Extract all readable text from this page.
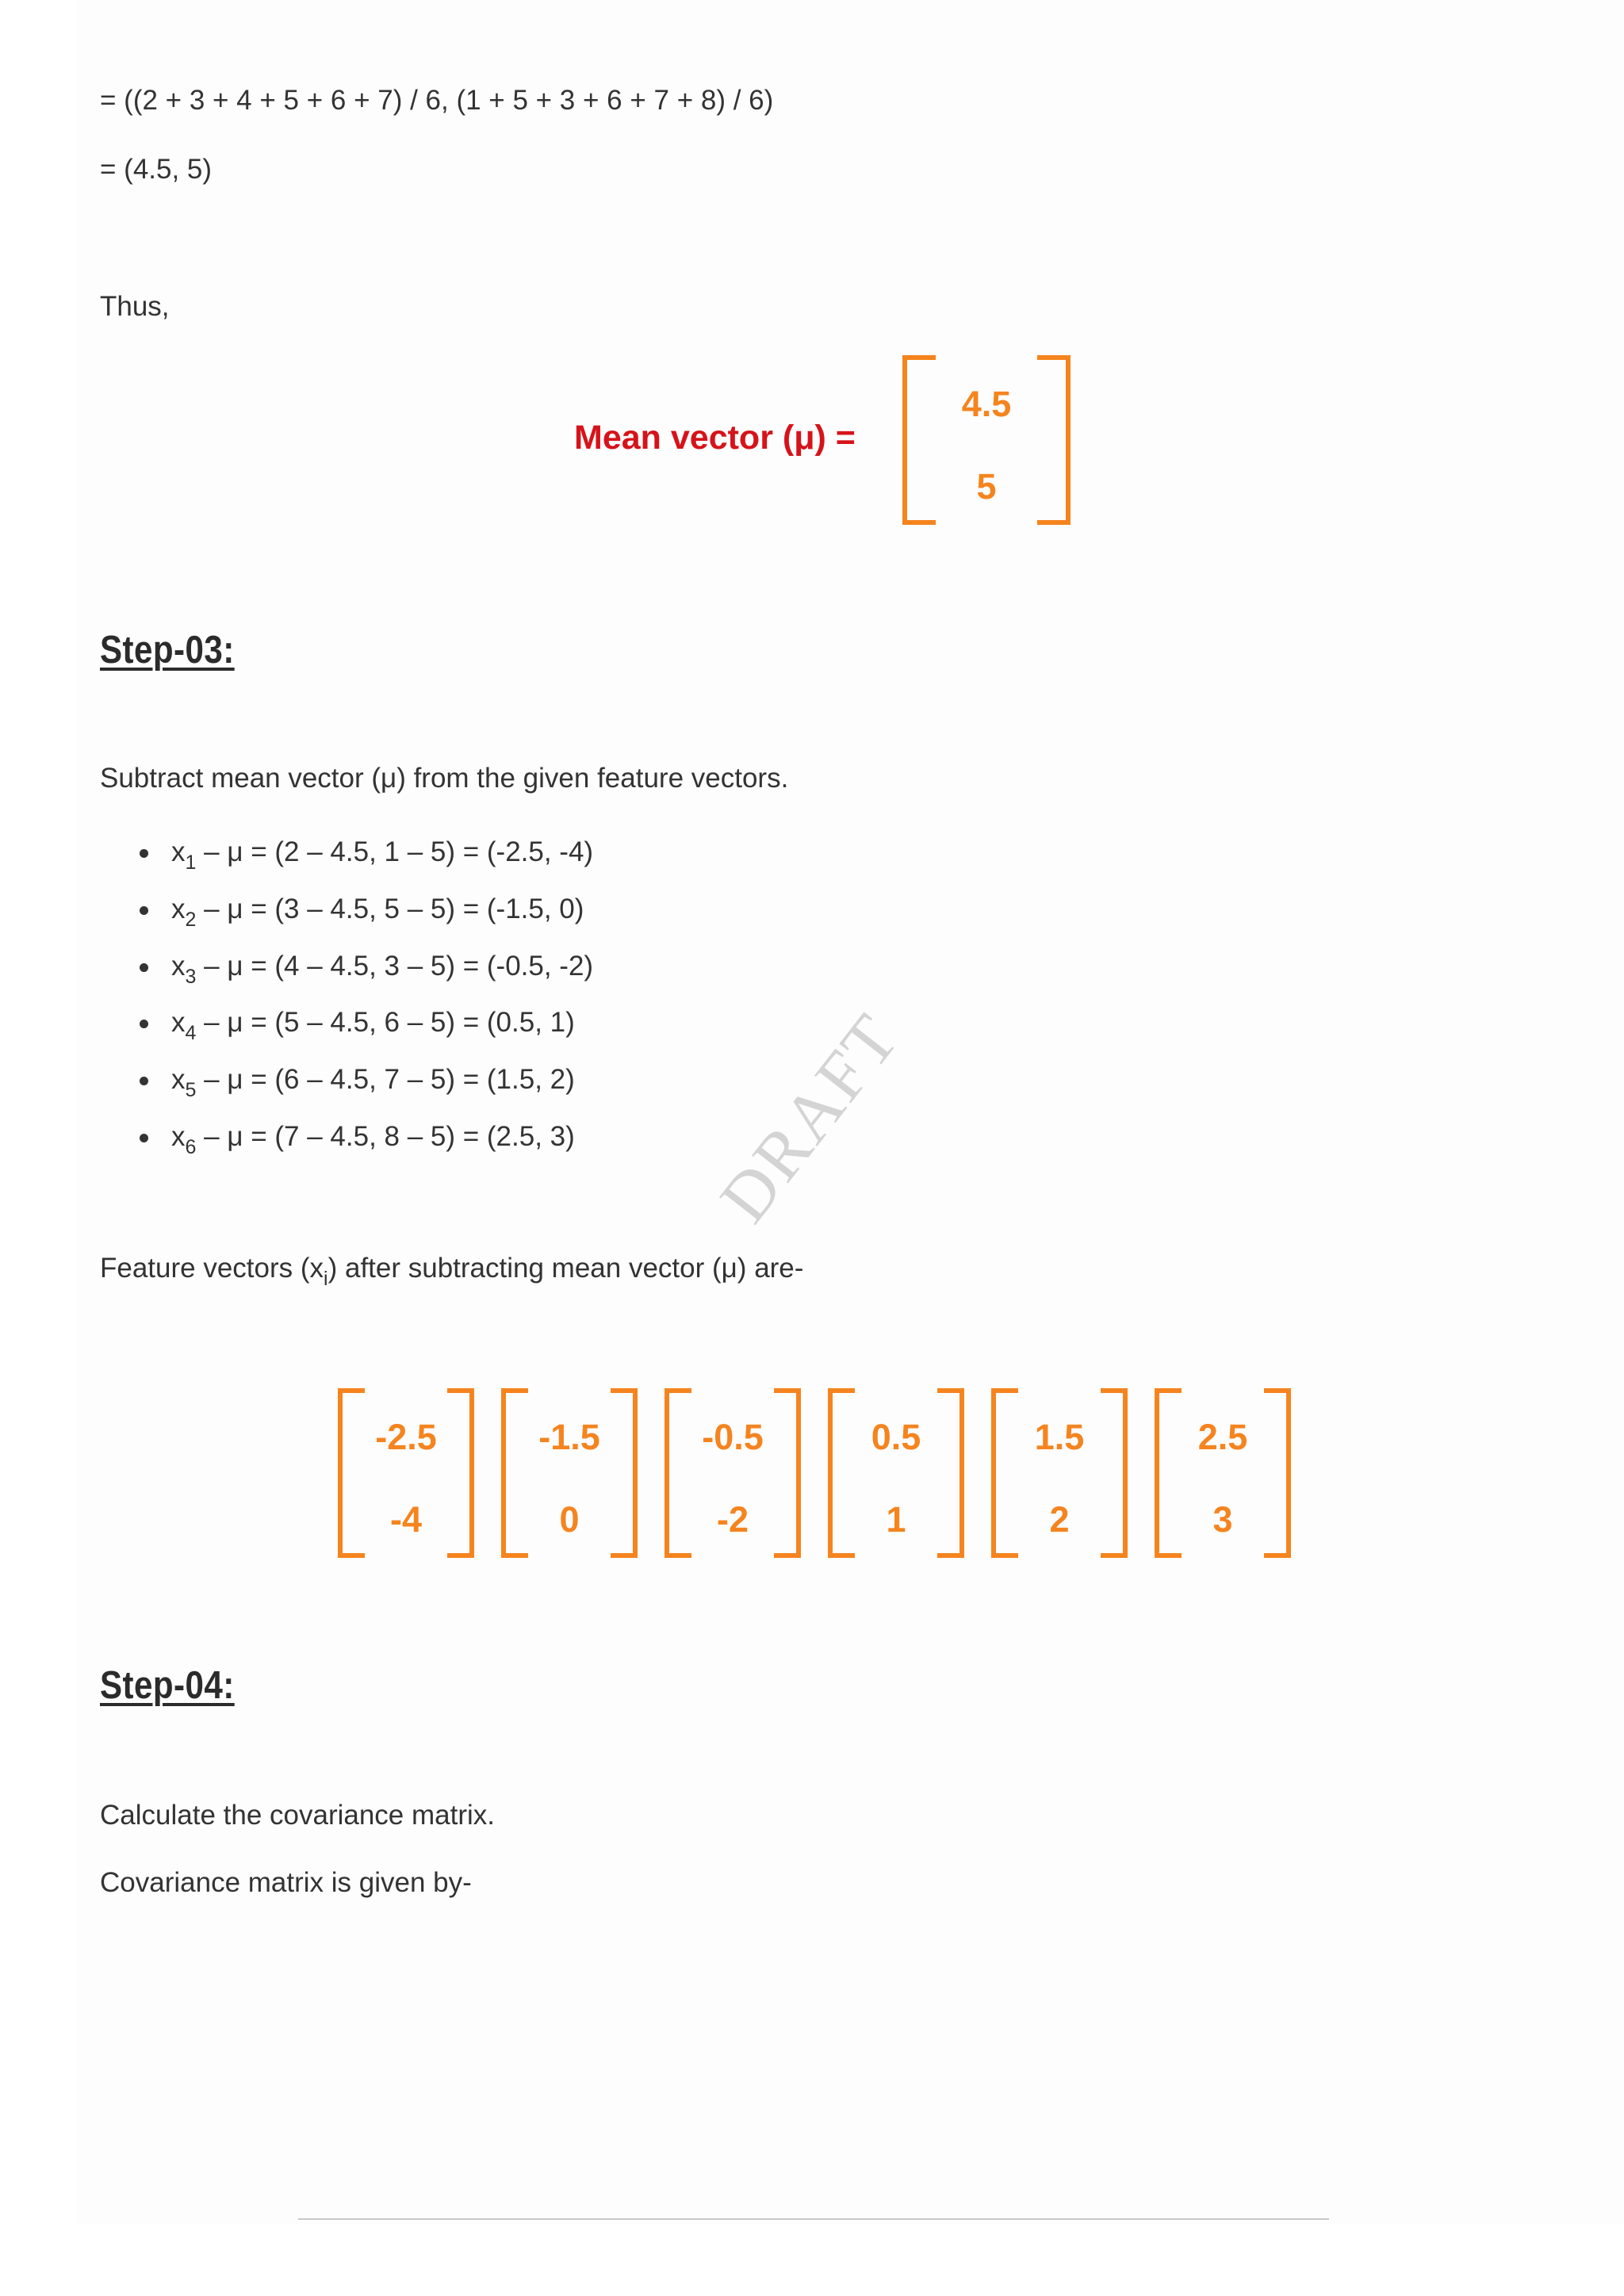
= ((2 + 3 + 4 + 5 + 6 + 7) / 6, (1 + 5 + 3 + 6 + 7 + 8) / 6)

= (4.5, 5)

Thus,

Mean vector (μ) =
4.5
5
Step-03:

Subtract mean vector (μ) from the given feature vectors.

$x_1 - \mu = (2 - 4.5$, 1 – 5) = (-2.5, -4)
$x_2 - \mu = (3 - 4.5$, 5 – 5) = (-1.5, 0)
$x_3 - \mu = (4 - 4.5$, 3 – 5) = (-0.5, -2)
$x_4 - \mu = (5 - 4.5$, 6 – 5) = (0.5, 1)
$x_5 - \mu = (6 - 4.5$, 7 – 5) = (1.5, 2)
$x_6 - \mu = (7 - 4.5$, 8 – 5) = (2.5, 3) DRAFT

Feature vectors $(x_i)$ after subtracting mean vector (μ) are-

-2.5
-4
-1.5
0
-0.5
-2
0.5
1
1.5
2
2.5
3
Step-04:

Calculate the covariance matrix.

Covariance matrix is given by-
